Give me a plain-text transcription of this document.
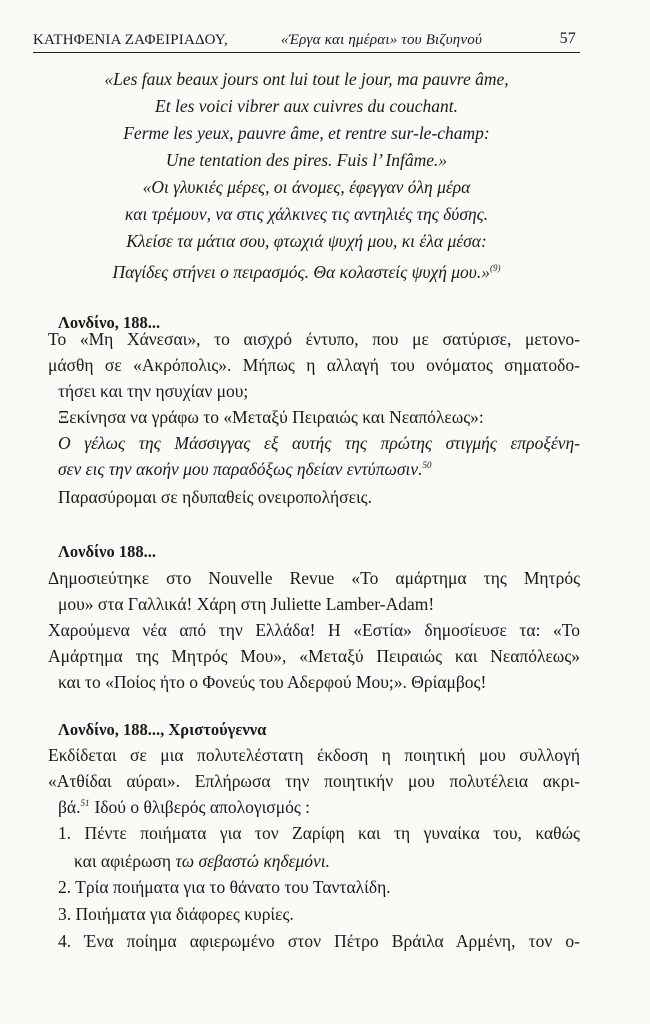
ΚΑΤΗΦΕΝΙΑ ΖΑΦΕΙΡΙΑΔΟΥ,	«Έργα και ημέραι» του Βιζυηνού	57
«Les faux beaux jours ont lui tout le jour, ma pauvre âme,
Et les voici vibrer aux cuivres du couchant.
Ferme les yeux, pauvre âme, et rentre sur-le-champ:
Une tentation des pires. Fuis l’ Infâme.»
«Οι γλυκιές μέρες, οι άνομες, έφεγγαν όλη μέρα
και τρέμουν, να στις χάλκινες τις αντηλιές της δύσης.
Κλείσε τα μάτια σου, φτωχιά ψυχή μου, κι έλα μέσα:
Παγίδες στήνει ο πειρασμός. Θα κολαστείς ψυχή μου.»$^{(9)}$
Λονδίνο, 188...
Το «Μη Χάνεσαι», το αισχρό έντυπο, που με σατύρισε, μετονο-
μάσθη σε «Ακρόπολις». Μήπως η αλλαγή του ονόματος σηματοδο-
τήσει και την ησυχίαν μου;
Ξεκίνησα να γράφω το «Μεταξύ Πειραιώς και Νεαπόλεως»:
Ο γέλως της Μάσσιγγας εξ αυτής της πρώτης στιγμής επροξένη-
σεν εις την ακοήν μου παραδόξως ηδείαν εντύπωσιν.$^{50}$
Παρασύρομαι σε ηδυπαθείς ονειροπολήσεις.
Λονδίνο 188...
Δημοσιεύτηκε στο Nouvelle Revue «Το αμάρτημα της Μητρός
μου» στα Γαλλικά! Χάρη στη Juliette Lamber-Adam!
Χαρούμενα νέα από την Ελλάδα! Η «Εστία» δημοσίευσε τα: «Το
Αμάρτημα της Μητρός Μου», «Μεταξύ Πειραιώς και Νεαπόλεως»
και το «Ποίος ήτο ο Φονεύς του Αδερφού Μου;». Θρίαμβος!
Λονδίνο, 188..., Χριστούγεννα
Εκδίδεται σε μια πολυτελέστατη έκδοση η ποιητική μου συλλογή
«Ατθίδαι αύραι». Επλήρωσα την ποιητικήν μου πολυτέλεια ακρι-
βά.$^{51}$ Ιδού ο θλιβερός απολογισμός :
1. Πέντε ποιήματα για τον Ζαρίφη και τη γυναίκα του, καθώς
και αφιέρωση τω σεβαστώ κηδεμόνι.
2. Τρία ποιήματα για το θάνατο του Τανταλίδη.
3. Ποιήματα για διάφορες κυρίες.
4. Ένα ποίημα αφιερωμένο στον Πέτρο Βράιλα Αρμένη, τον ο-
